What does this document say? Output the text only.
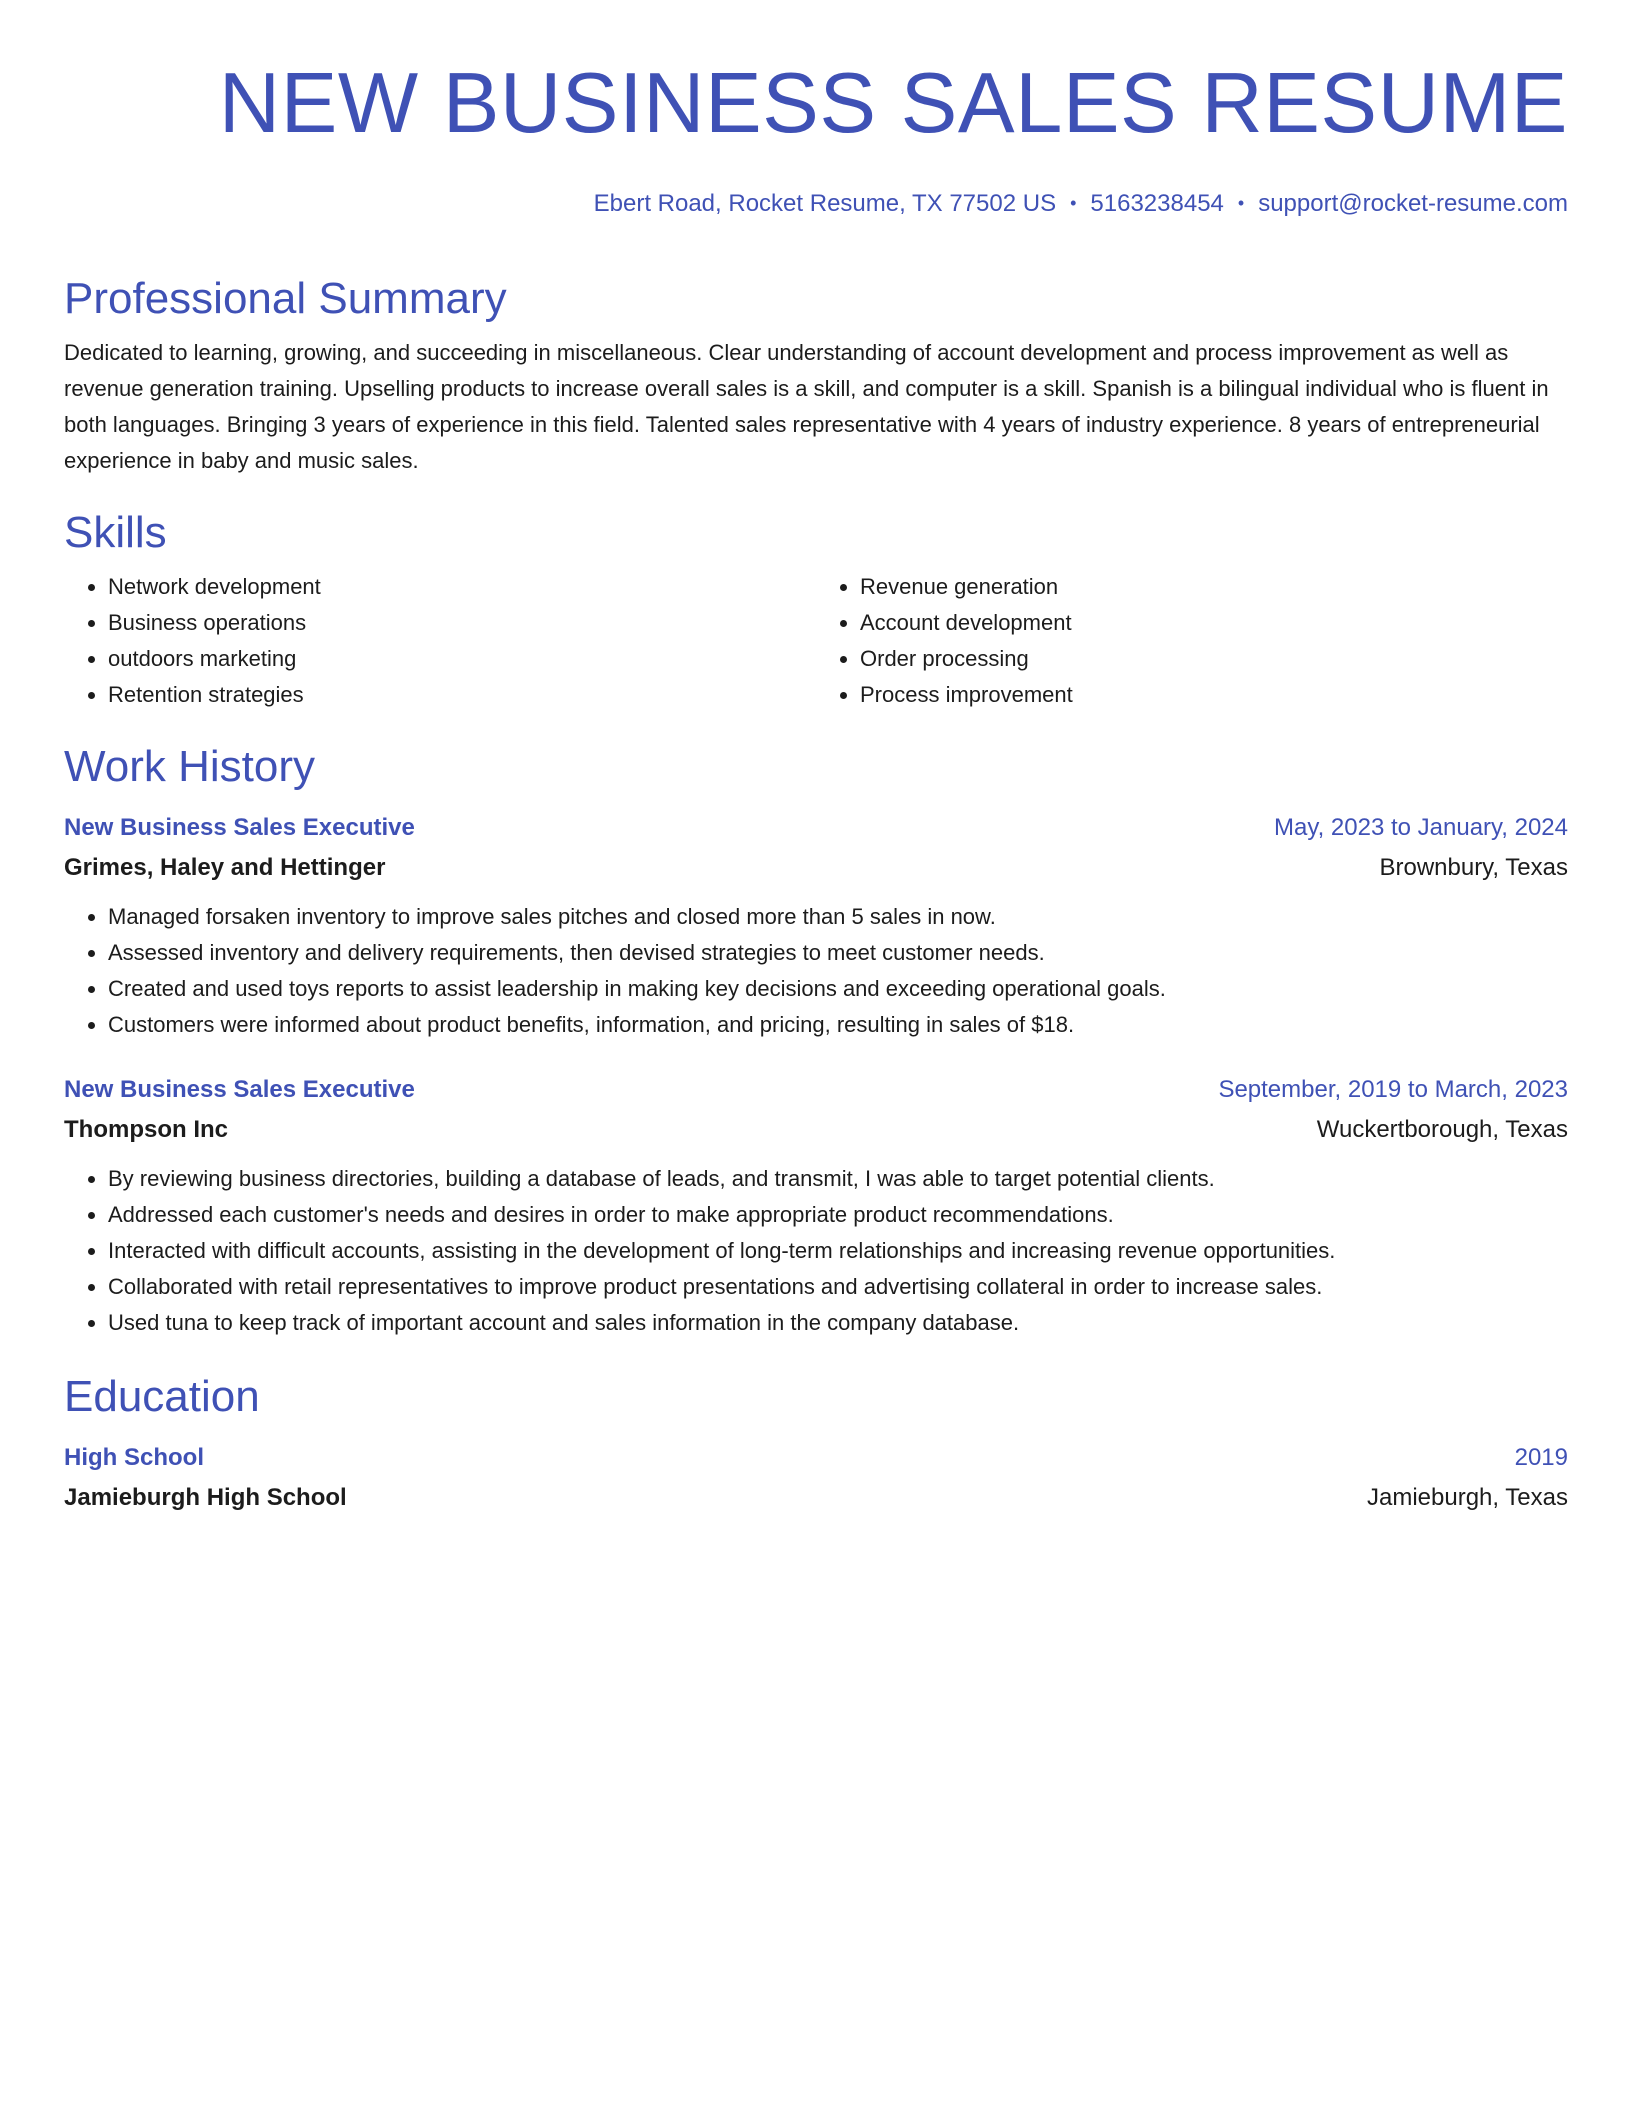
NEW BUSINESS SALES RESUME
Ebert Road, Rocket Resume, TX 77502 US • 5163238454 • support@rocket-resume.com
Professional Summary

Dedicated to learning, growing, and succeeding in miscellaneous. Clear understanding of account development and process improvement as well as revenue generation training. Upselling products to increase overall sales is a skill, and computer is a skill. Spanish is a bilingual individual who is fluent in both languages. Bringing 3 years of experience in this field. Talented sales representative with 4 years of industry experience. 8 years of entrepreneurial experience in baby and music sales.

Skills
• Network development
• Business operations
• outdoors marketing
• Retention strategies
• Revenue generation
• Account development
• Order processing
• Process improvement
Work History
New Business Sales Executive	May, 2023 to January, 2024
Grimes, Haley and Hettinger	Brownbury, Texas
• Managed forsaken inventory to improve sales pitches and closed more than 5 sales in now.
• Assessed inventory and delivery requirements, then devised strategies to meet customer needs.
• Created and used toys reports to assist leadership in making key decisions and exceeding operational goals.
• Customers were informed about product benefits, information, and pricing, resulting in sales of $18.
New Business Sales Executive	September, 2019 to March, 2023
Thompson Inc	Wuckertborough, Texas
• By reviewing business directories, building a database of leads, and transmit, I was able to target potential clients.
• Addressed each customer's needs and desires in order to make appropriate product recommendations.
• Interacted with difficult accounts, assisting in the development of long-term relationships and increasing revenue opportunities.
• Collaborated with retail representatives to improve product presentations and advertising collateral in order to increase sales.
• Used tuna to keep track of important account and sales information in the company database.
Education
High School	2019
Jamieburgh High School	Jamieburgh, Texas
